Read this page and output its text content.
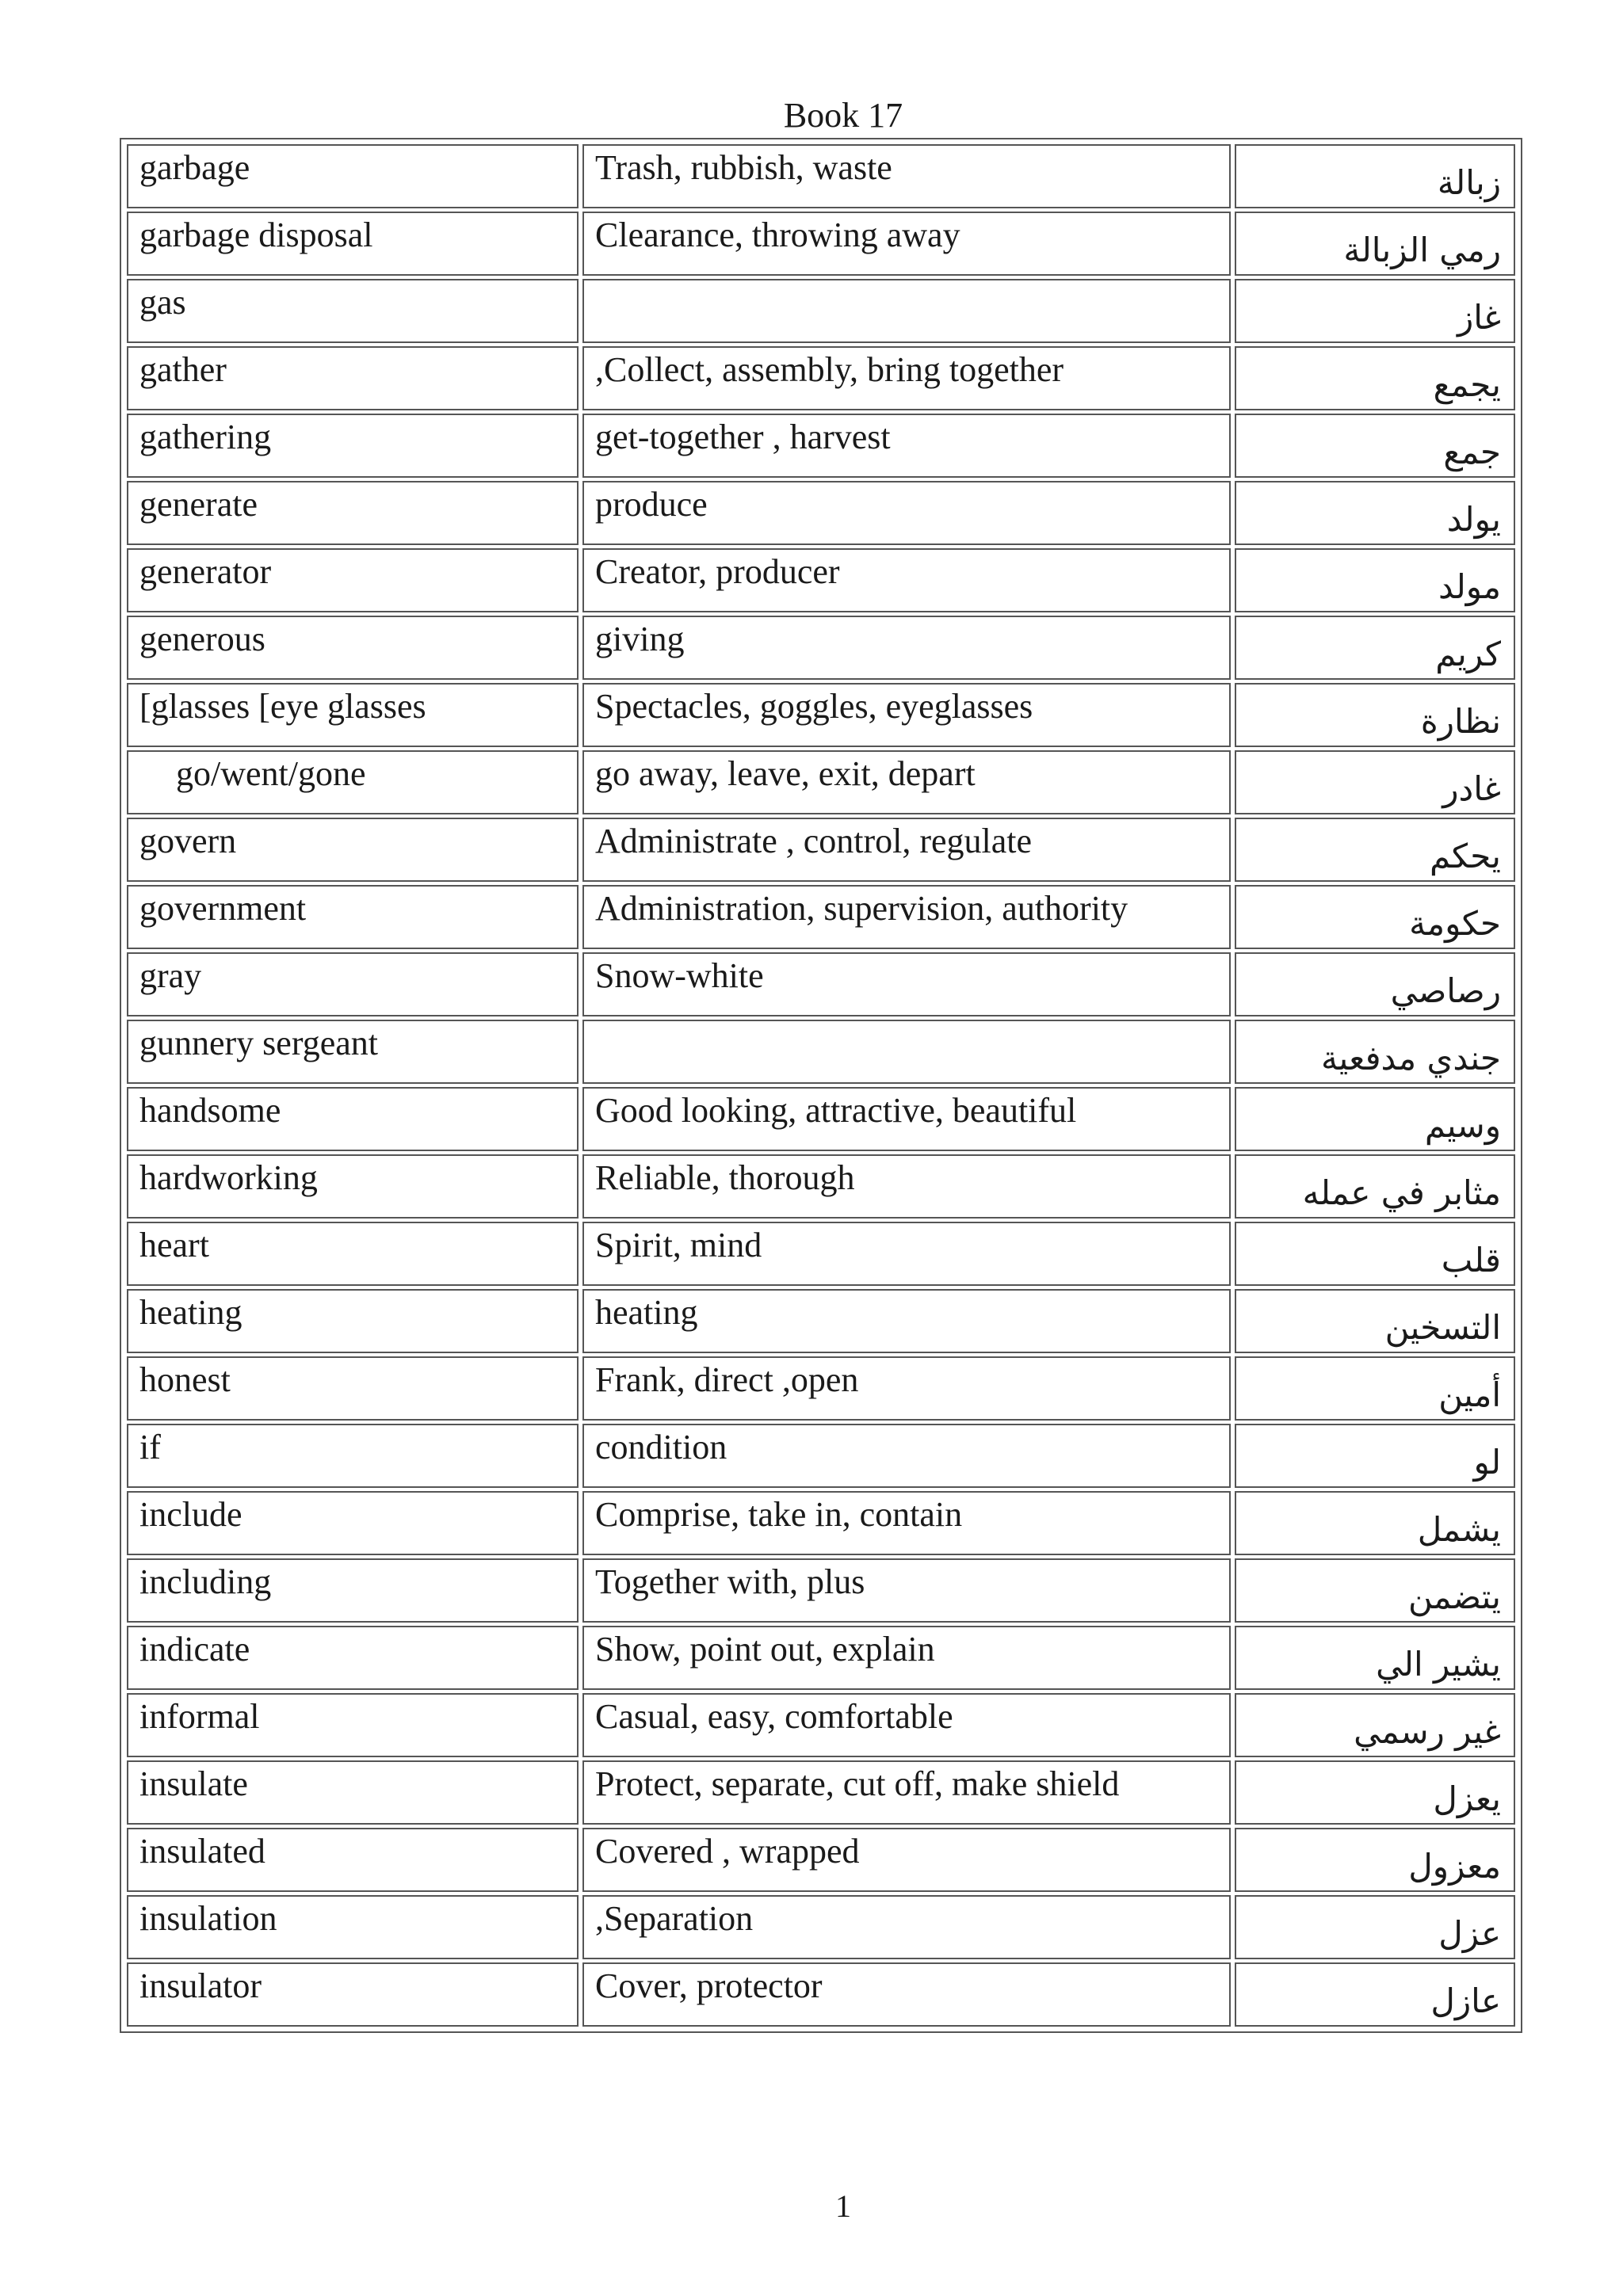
Book 17
garbage	Trash, rubbish, waste	زبالة
garbage disposal	Clearance, throwing away	رمي الزبالة
gas		غاز
gather	,Collect, assembly, bring together	يجمع
gathering	get-together , harvest	جمع
generate	produce	يولد
generator	Creator, producer	مولد
generous	giving	كريم
[glasses [eye glasses	Spectacles, goggles, eyeglasses	نظارة
go/went/gone	go away, leave, exit, depart	غادر
govern	Administrate , control, regulate	يحكم
government	Administration, supervision, authority	حكومة
gray	Snow-white	رصاصي
gunnery sergeant		جندي مدفعية
handsome	Good looking, attractive, beautiful	وسيم
hardworking	Reliable, thorough	مثابر في عمله
heart	Spirit, mind	قلب
heating	heating	التسخين
honest	Frank, direct ,open	أمين
if	condition	لو
include	Comprise, take in, contain	يشمل
including	Together with, plus	يتضمن
indicate	Show, point out, explain	يشير الي
informal	Casual, easy, comfortable	غير رسمي
insulate	Protect, separate, cut off, make shield	يعزل
insulated	Covered , wrapped	معزول
insulation	,Separation	عزل
insulator	Cover, protector	عازل
1
